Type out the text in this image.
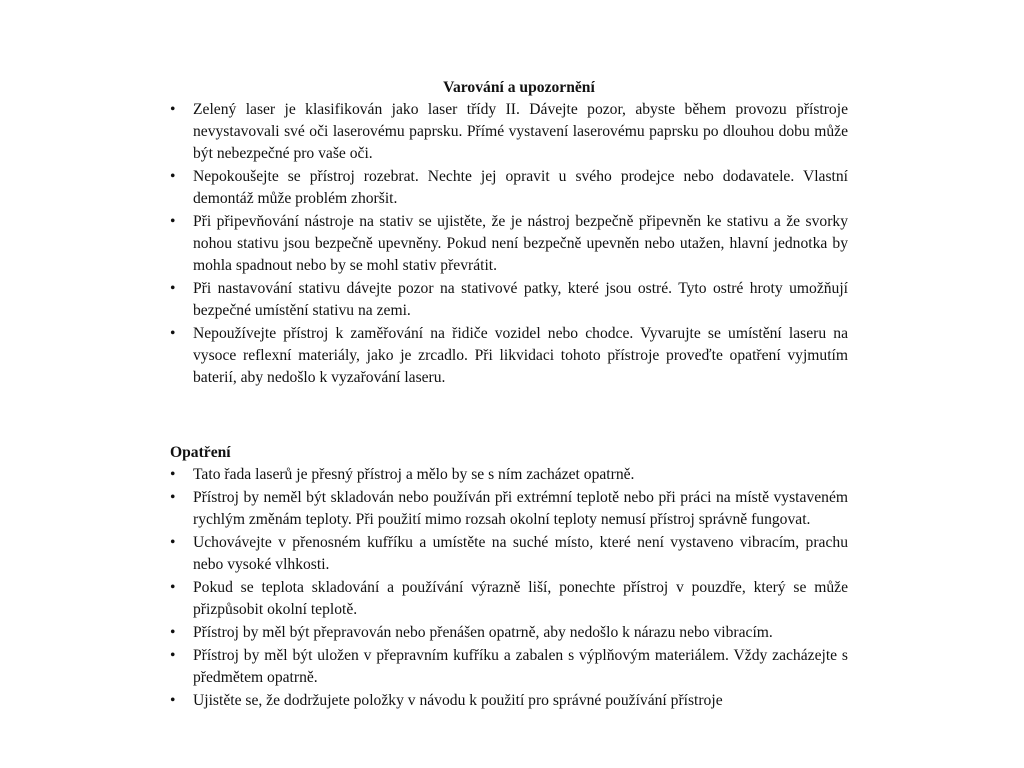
Varování a upozornění
• Zelený laser je klasifikován jako laser třídy II. Dávejte pozor, abyste během provozu přístroje nevystavovali své oči laserovému paprsku. Přímé vystavení laserovému paprsku po dlouhou dobu může být nebezpečné pro vaše oči.
• Nepokoušejte se přístroj rozebrat. Nechte jej opravit u svého prodejce nebo dodavatele. Vlastní demontáž může problém zhoršit.
• Při připevňování nástroje na stativ se ujistěte, že je nástroj bezpečně připevněn ke stativu a že svorky nohou stativu jsou bezpečně upevněny. Pokud není bezpečně upevněn nebo utažen, hlavní jednotka by mohla spadnout nebo by se mohl stativ převrátit.
• Při nastavování stativu dávejte pozor na stativové patky, které jsou ostré. Tyto ostré hroty umožňují bezpečné umístění stativu na zemi.
• Nepoužívejte přístroj k zaměřování na řidiče vozidel nebo chodce. Vyvarujte se umístění laseru na vysoce reflexní materiály, jako je zrcadlo. Při likvidaci tohoto přístroje proveďte opatření vyjmutím baterií, aby nedošlo k vyzařování laseru.
Opatření
• Tato řada laserů je přesný přístroj a mělo by se s ním zacházet opatrně.
• Přístroj by neměl být skladován nebo používán při extrémní teplotě nebo při práci na místě vystaveném rychlým změnám teploty. Při použití mimo rozsah okolní teploty nemusí přístroj správně fungovat.
• Uchovávejte v přenosném kufříku a umístěte na suché místo, které není vystaveno vibracím, prachu nebo vysoké vlhkosti.
• Pokud se teplota skladování a používání výrazně liší, ponechte přístroj v pouzdře, který se může přizpůsobit okolní teplotě.
• Přístroj by měl být přepravován nebo přenášen opatrně, aby nedošlo k nárazu nebo vibracím.
• Přístroj by měl být uložen v přepravním kufříku a zabalen s výplňovým materiálem. Vždy zacházejte s předmětem opatrně.
• Ujistěte se, že dodržujete položky v návodu k použití pro správné používání přístroje
